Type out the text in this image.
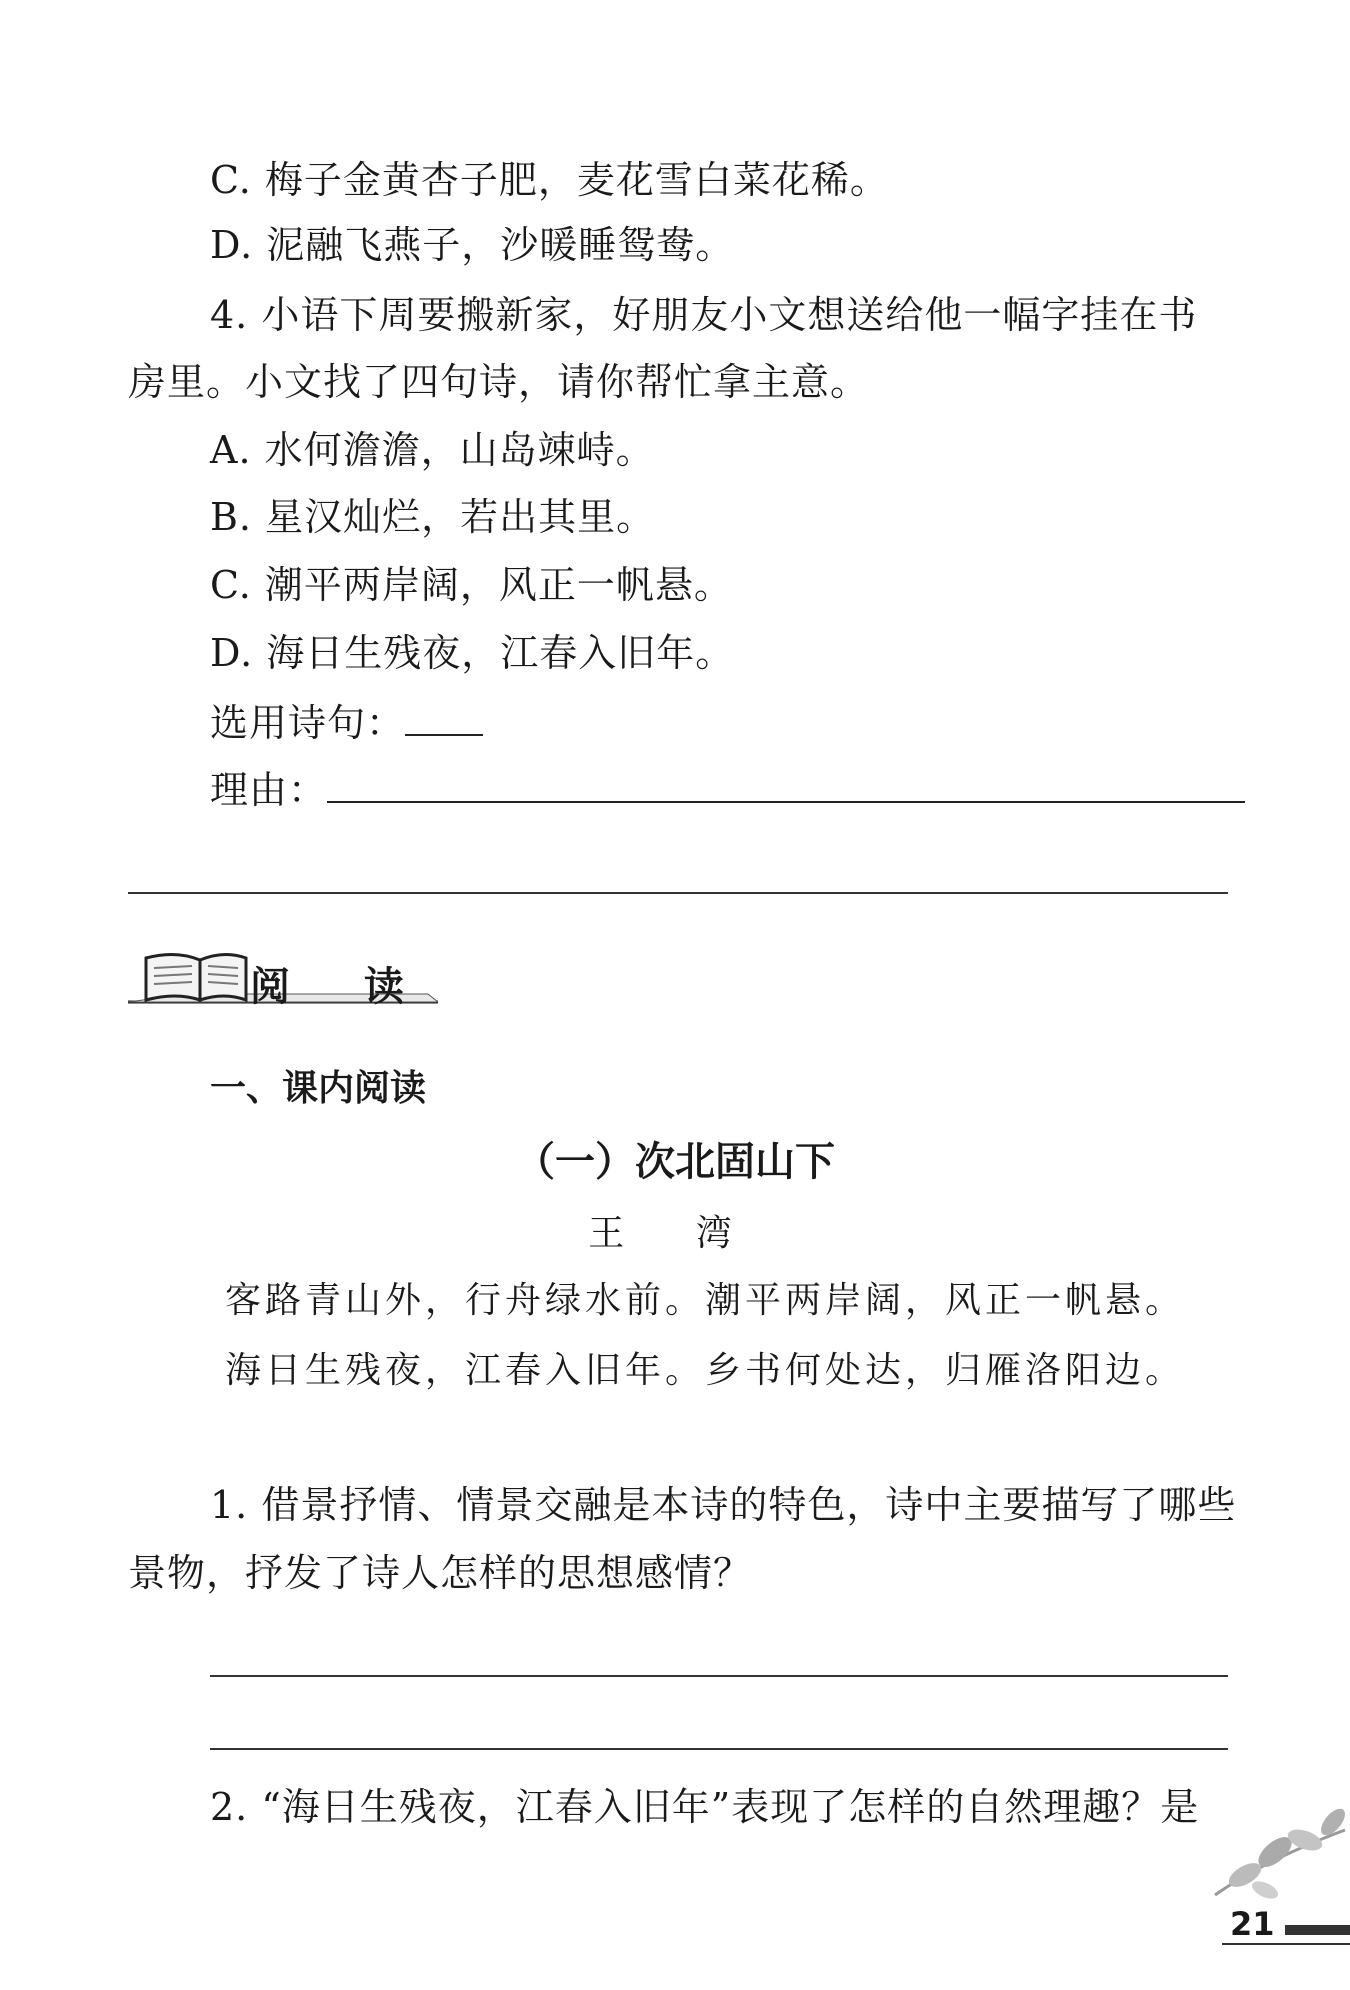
C. 梅子金黄杏子肥，麦花雪白菜花稀。
D. 泥融飞燕子，沙暖睡鸳鸯。
4. 小语下周要搬新家，好朋友小文想送给他一幅字挂在书
房里。小文找了四句诗，请你帮忙拿主意。
A. 水何澹澹，山岛竦峙。
B. 星汉灿烂，若出其里。
C. 潮平两岸阔，风正一帆悬。
D. 海日生残夜，江春入旧年。
选用诗句：
理由：
阅 读
一、课内阅读
（一）次北固山下
王 湾
客路青山外，行舟绿水前。潮平两岸阔，风正一帆悬。
海日生残夜，江春入旧年。乡书何处达，归雁洛阳边。
1. 借景抒情、情景交融是本诗的特色，诗中主要描写了哪些
景物，抒发了诗人怎样的思想感情？
2. “海日生残夜，江春入旧年”表现了怎样的自然理趣？是
21
